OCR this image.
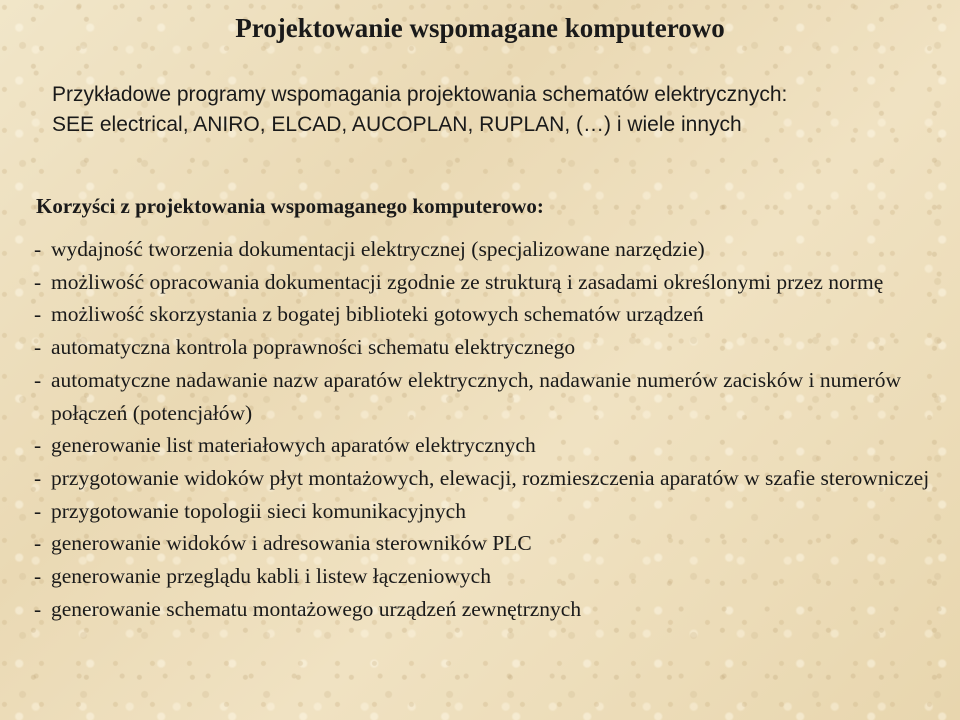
Projektowanie wspomagane komputerowo
Przykładowe programy wspomagania projektowania schematów elektrycznych:
SEE electrical, ANIRO, ELCAD, AUCOPLAN, RUPLAN, (…) i wiele innych
Korzyści z projektowania wspomaganego komputerowo:
- wydajność tworzenia dokumentacji elektrycznej (specjalizowane narzędzie)
- możliwość opracowania dokumentacji zgodnie ze strukturą i zasadami określonymi przez normę
- możliwość skorzystania z bogatej biblioteki gotowych schematów urządzeń
- automatyczna kontrola poprawności schematu elektrycznego
- automatyczne nadawanie nazw aparatów elektrycznych, nadawanie numerów zacisków i numerów połączeń (potencjałów)
- generowanie list materiałowych aparatów elektrycznych
- przygotowanie widoków płyt montażowych, elewacji, rozmieszczenia aparatów w szafie sterowniczej
- przygotowanie topologii sieci komunikacyjnych
- generowanie widoków i adresowania sterowników PLC
- generowanie przeglądu kabli i listew łączeniowych
- generowanie schematu montażowego urządzeń zewnętrznych
